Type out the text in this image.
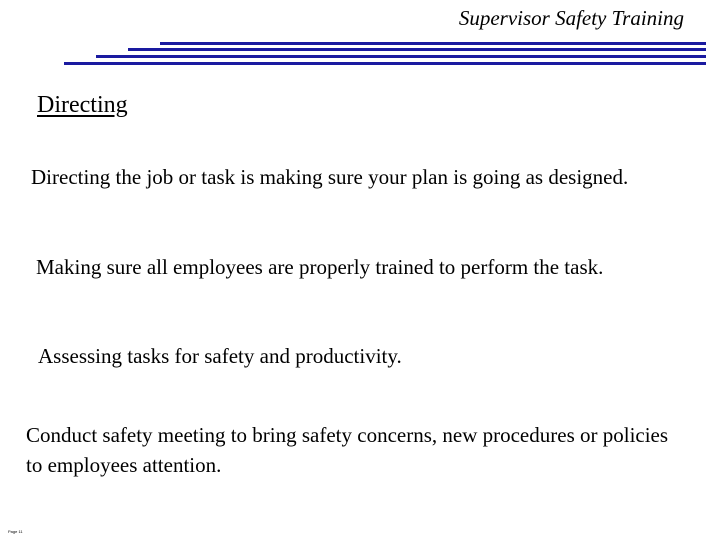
Supervisor Safety Training
Directing
Directing the job or task is making sure your plan is going as designed.
Making sure all employees are properly trained to perform the task.
Assessing tasks for safety and productivity.
Conduct safety meeting to bring safety concerns, new procedures or policies to employees attention.
Page 11
